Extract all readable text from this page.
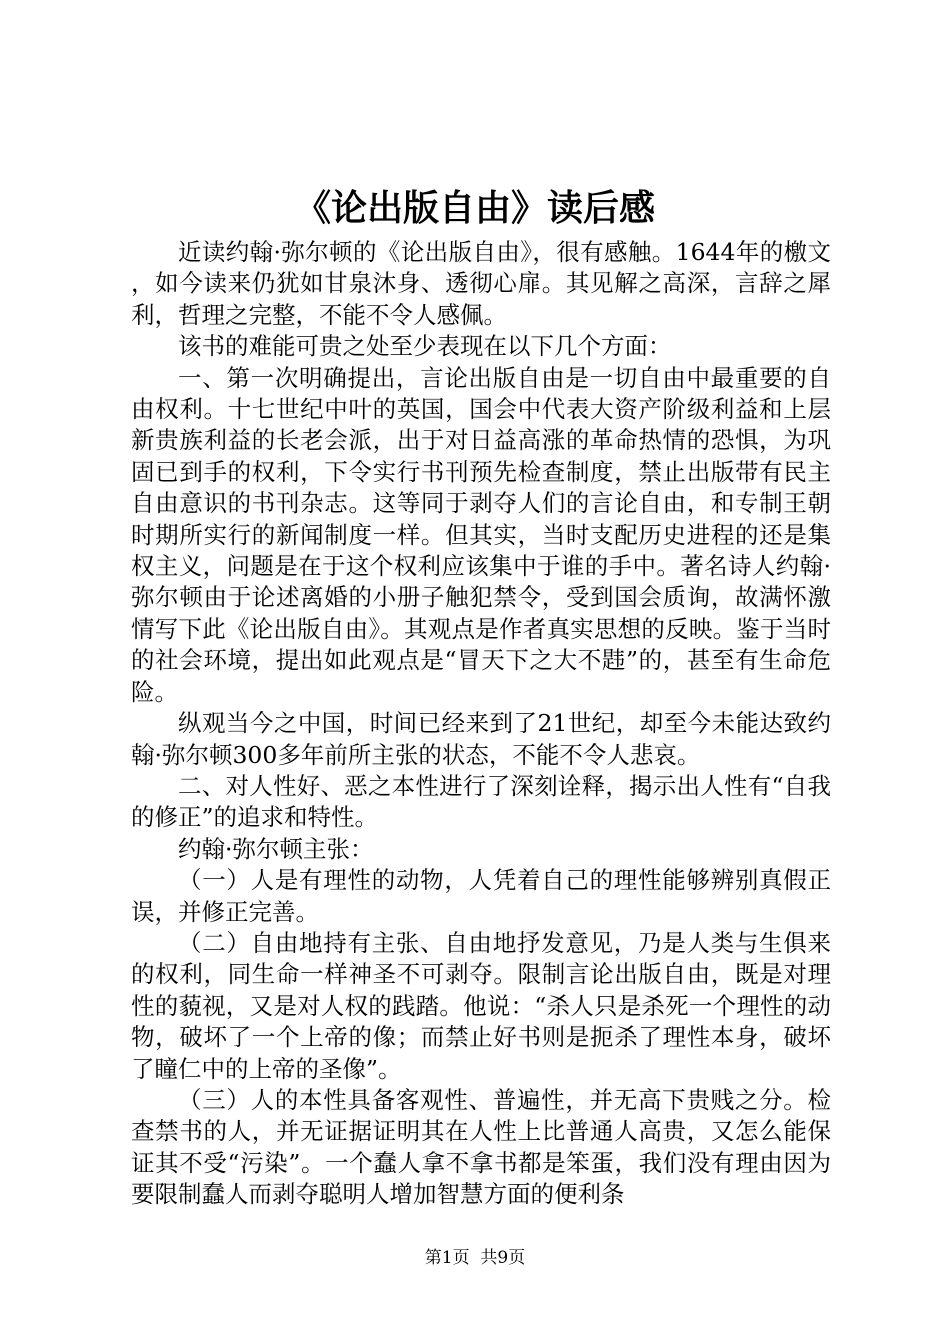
《论出版自由》读后感

近读约翰·弥尔顿的《论出版自由》，很有感触。1644年的檄文，如今读来仍犹如甘泉沐身、透彻心扉。其见解之高深，言辞之犀利，哲理之完整，不能不令人感佩。

该书的难能可贵之处至少表现在以下几个方面：

一、第一次明确提出，言论出版自由是一切自由中最重要的自由权利。十七世纪中叶的英国，国会中代表大资产阶级利益和上层新贵族利益的长老会派，出于对日益高涨的革命热情的恐惧，为巩固已到手的权利，下令实行书刊预先检查制度，禁止出版带有民主自由意识的书刊杂志。这等同于剥夺人们的言论自由，和专制王朝时期所实行的新闻制度一样。但其实，当时支配历史进程的还是集权主义，问题是在于这个权利应该集中于谁的手中。著名诗人约翰·弥尔顿由于论述离婚的小册子触犯禁令，受到国会质询，故满怀激情写下此《论出版自由》。其观点是作者真实思想的反映。鉴于当时的社会环境，提出如此观点是“冒天下之大不韪”的，甚至有生命危险。

纵观当今之中国，时间已经来到了21世纪，却至今未能达致约翰·弥尔顿300多年前所主张的状态，不能不令人悲哀。

二、对人性好、恶之本性进行了深刻诠释，揭示出人性有“自我的修正”的追求和特性。

约翰·弥尔顿主张：

（一）人是有理性的动物，人凭着自己的理性能够辨别真假正误，并修正完善。

（二）自由地持有主张、自由地抒发意见，乃是人类与生俱来的权利，同生命一样神圣不可剥夺。限制言论出版自由，既是对理性的藐视，又是对人权的践踏。他说：“杀人只是杀死一个理性的动物，破坏了一个上帝的像；而禁止好书则是扼杀了理性本身，破坏了瞳仁中的上帝的圣像”。

（三）人的本性具备客观性、普遍性，并无高下贵贱之分。检查禁书的人，并无证据证明其在人性上比普通人高贵，又怎么能保证其不受“污染”。一个蠢人拿不拿书都是笨蛋，我们没有理由因为要限制蠢人而剥夺聪明人增加智慧方面的便利条

第1页 共9页
